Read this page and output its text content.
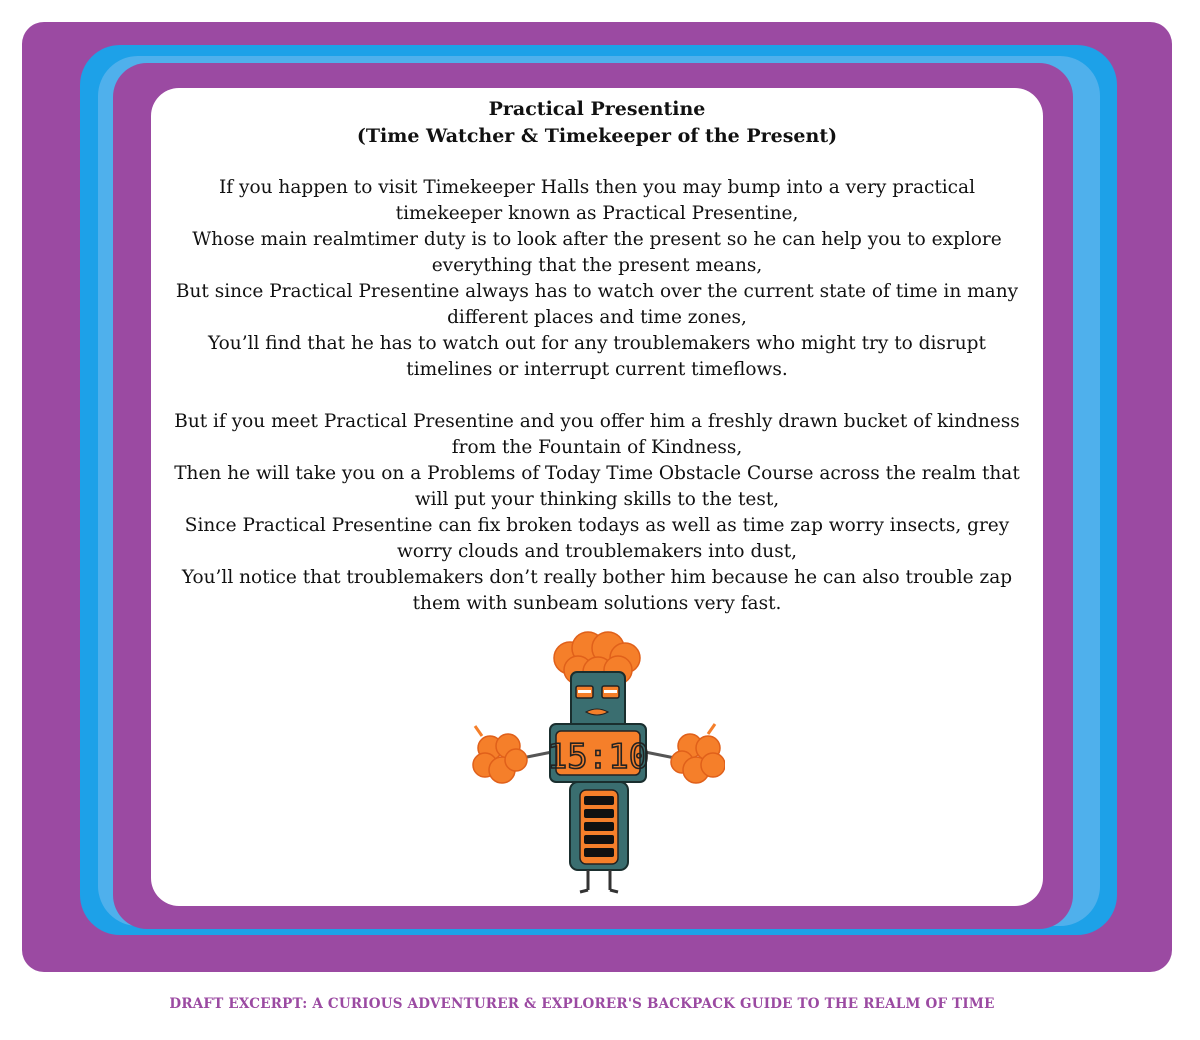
Practical Presentine
(Time Watcher & Timekeeper of the Present)
If you happen to visit Timekeeper Halls then you may bump into a very practical timekeeper known as Practical Presentine,
Whose main realmtimer duty is to look after the present so he can help you to explore everything that the present means,
But since Practical Presentine always has to watch over the current state of time in many different places and time zones,
You’ll find that he has to watch out for any troublemakers who might try to disrupt timelines or interrupt current timeflows.
But if you meet Practical Presentine and you offer him a freshly drawn bucket of kindness from the Fountain of Kindness,
Then he will take you on a Problems of Today Time Obstacle Course across the realm that will put your thinking skills to the test,
Since Practical Presentine can fix broken todays as well as time zap worry insects, grey worry clouds and troublemakers into dust,
You’ll notice that troublemakers don’t really bother him because he can also trouble zap them with sunbeam solutions very fast.
15:10
DRAFT EXCERPT: A CURIOUS ADVENTURER & EXPLORER'S BACKPACK GUIDE TO THE REALM OF TIME
